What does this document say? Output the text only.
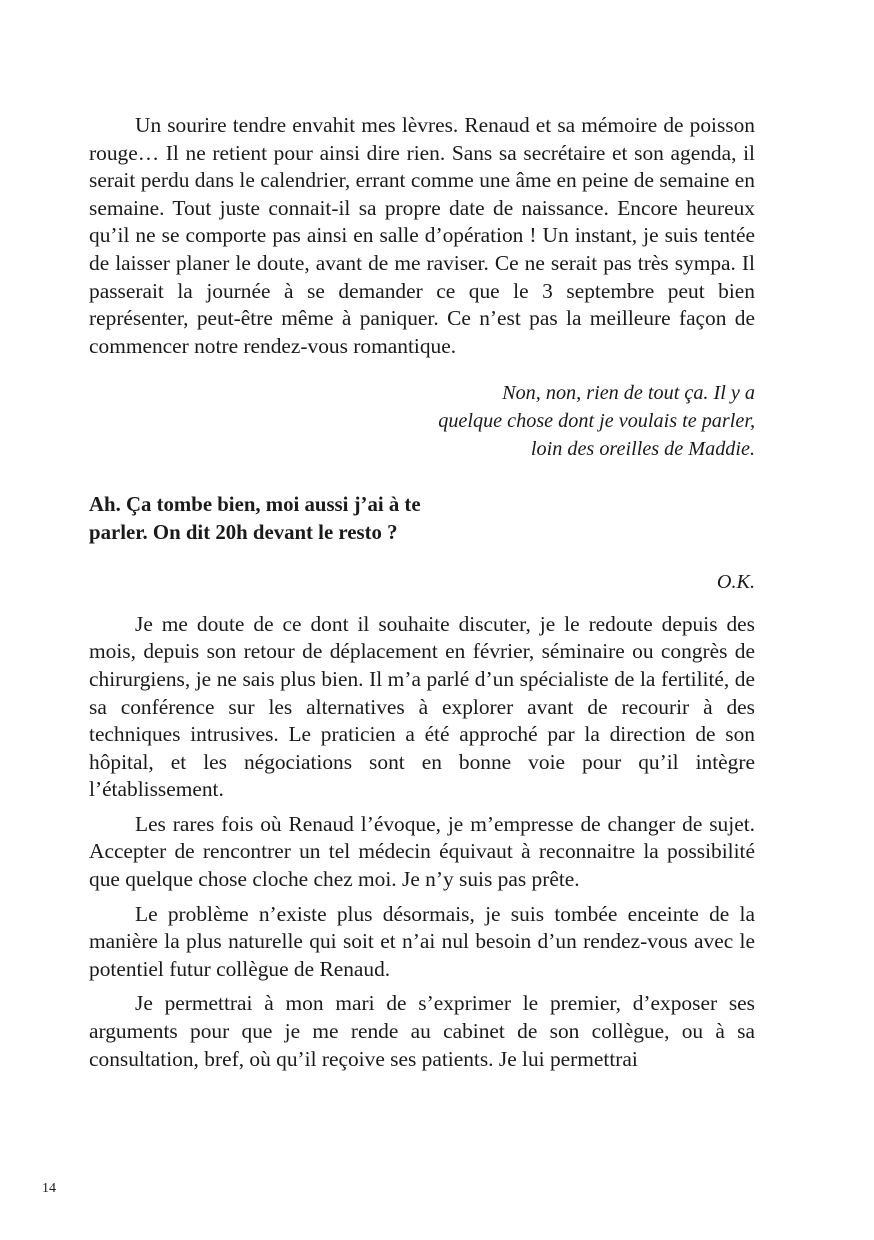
Un sourire tendre envahit mes lèvres. Renaud et sa mémoire de poisson rouge… Il ne retient pour ainsi dire rien. Sans sa secrétaire et son agenda, il serait perdu dans le calendrier, errant comme une âme en peine de semaine en semaine. Tout juste connait-il sa propre date de naissance. Encore heureux qu’il ne se comporte pas ainsi en salle d’opération ! Un instant, je suis tentée de laisser planer le doute, avant de me raviser. Ce ne serait pas très sympa. Il passerait la journée à se demander ce que le 3 septembre peut bien représenter, peut-être même à paniquer. Ce n’est pas la meilleure façon de commencer notre rendez-vous romantique.

Non, non, rien de tout ça. Il y a
quelque chose dont je voulais te parler,
loin des oreilles de Maddie.
Ah. Ça tombe bien, moi aussi j’ai à te
parler. On dit 20h devant le resto ?
O.K.

Je me doute de ce dont il souhaite discuter, je le redoute depuis des mois, depuis son retour de déplacement en février, séminaire ou congrès de chirurgiens, je ne sais plus bien. Il m’a parlé d’un spécialiste de la fertilité, de sa conférence sur les alternatives à explorer avant de recourir à des techniques intrusives. Le praticien a été approché par la direction de son hôpital, et les négociations sont en bonne voie pour qu’il intègre l’établissement.

Les rares fois où Renaud l’évoque, je m’empresse de changer de sujet. Accepter de rencontrer un tel médecin équivaut à reconnaitre la possibilité que quelque chose cloche chez moi. Je n’y suis pas prête.

Le problème n’existe plus désormais, je suis tombée enceinte de la manière la plus naturelle qui soit et n’ai nul besoin d’un rendez-vous avec le potentiel futur collègue de Renaud.

Je permettrai à mon mari de s’exprimer le premier, d’exposer ses arguments pour que je me rende au cabinet de son collègue, ou à sa consultation, bref, où qu’il reçoive ses patients. Je lui permettrai

14
